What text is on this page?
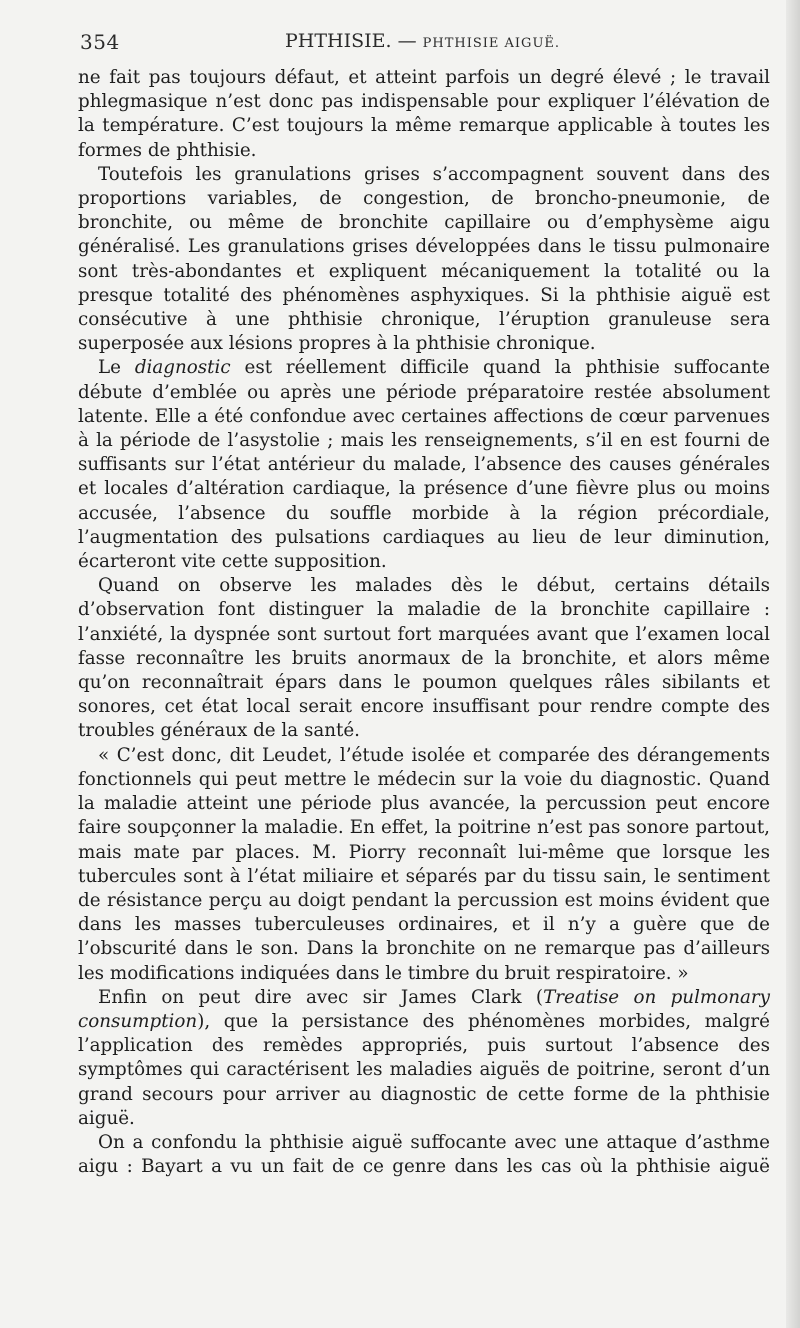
354	PHTHISIE. — PHTHISIE AIGUË.

ne fait pas toujours défaut, et atteint parfois un degré élevé ; le travail phlegmasique n’est donc pas indispensable pour expliquer l’élévation de la température. C’est toujours la même remarque applicable à toutes les formes de phthisie.

Toutefois les granulations grises s’accompagnent souvent dans des proportions variables, de congestion, de broncho-pneumonie, de bronchite, ou même de bronchite capillaire ou d’emphysème aigu généralisé. Les granulations grises développées dans le tissu pulmonaire sont très-abondantes et expliquent mécaniquement la totalité ou la presque totalité des phénomènes asphyxiques. Si la phthisie aiguë est consécutive à une phthisie chronique, l’éruption granuleuse sera superposée aux lésions propres à la phthisie chronique.

Le diagnostic est réellement difficile quand la phthisie suffocante débute d’emblée ou après une période préparatoire restée absolument latente. Elle a été confondue avec certaines affections de cœur parvenues à la période de l’asystolie ; mais les renseignements, s’il en est fourni de suffisants sur l’état antérieur du malade, l’absence des causes générales et locales d’altération cardiaque, la présence d’une fièvre plus ou moins accusée, l’absence du souffle morbide à la région précordiale, l’augmentation des pulsations cardiaques au lieu de leur diminution, écarteront vite cette supposition.

Quand on observe les malades dès le début, certains détails d’observation font distinguer la maladie de la bronchite capillaire : l’anxiété, la dyspnée sont surtout fort marquées avant que l’examen local fasse reconnaître les bruits anormaux de la bronchite, et alors même qu’on reconnaîtrait épars dans le poumon quelques râles sibilants et sonores, cet état local serait encore insuffisant pour rendre compte des troubles généraux de la santé.

« C’est donc, dit Leudet, l’étude isolée et comparée des dérangements fonctionnels qui peut mettre le médecin sur la voie du diagnostic. Quand la maladie atteint une période plus avancée, la percussion peut encore faire soupçonner la maladie. En effet, la poitrine n’est pas sonore partout, mais mate par places. M. Piorry reconnaît lui-même que lorsque les tubercules sont à l’état miliaire et séparés par du tissu sain, le sentiment de résistance perçu au doigt pendant la percussion est moins évident que dans les masses tuberculeuses ordinaires, et il n’y a guère que de l’obscurité dans le son. Dans la bronchite on ne remarque pas d’ailleurs les modifications indiquées dans le timbre du bruit respiratoire. »

Enfin on peut dire avec sir James Clark (Treatise on pulmonary consumption), que la persistance des phénomènes morbides, malgré l’application des remèdes appropriés, puis surtout l’absence des symptômes qui caractérisent les maladies aiguës de poitrine, seront d’un grand secours pour arriver au diagnostic de cette forme de la phthisie aiguë.

On a confondu la phthisie aiguë suffocante avec une attaque d’asthme aigu : Bayart a vu un fait de ce genre dans les cas où la phthisie aiguë
